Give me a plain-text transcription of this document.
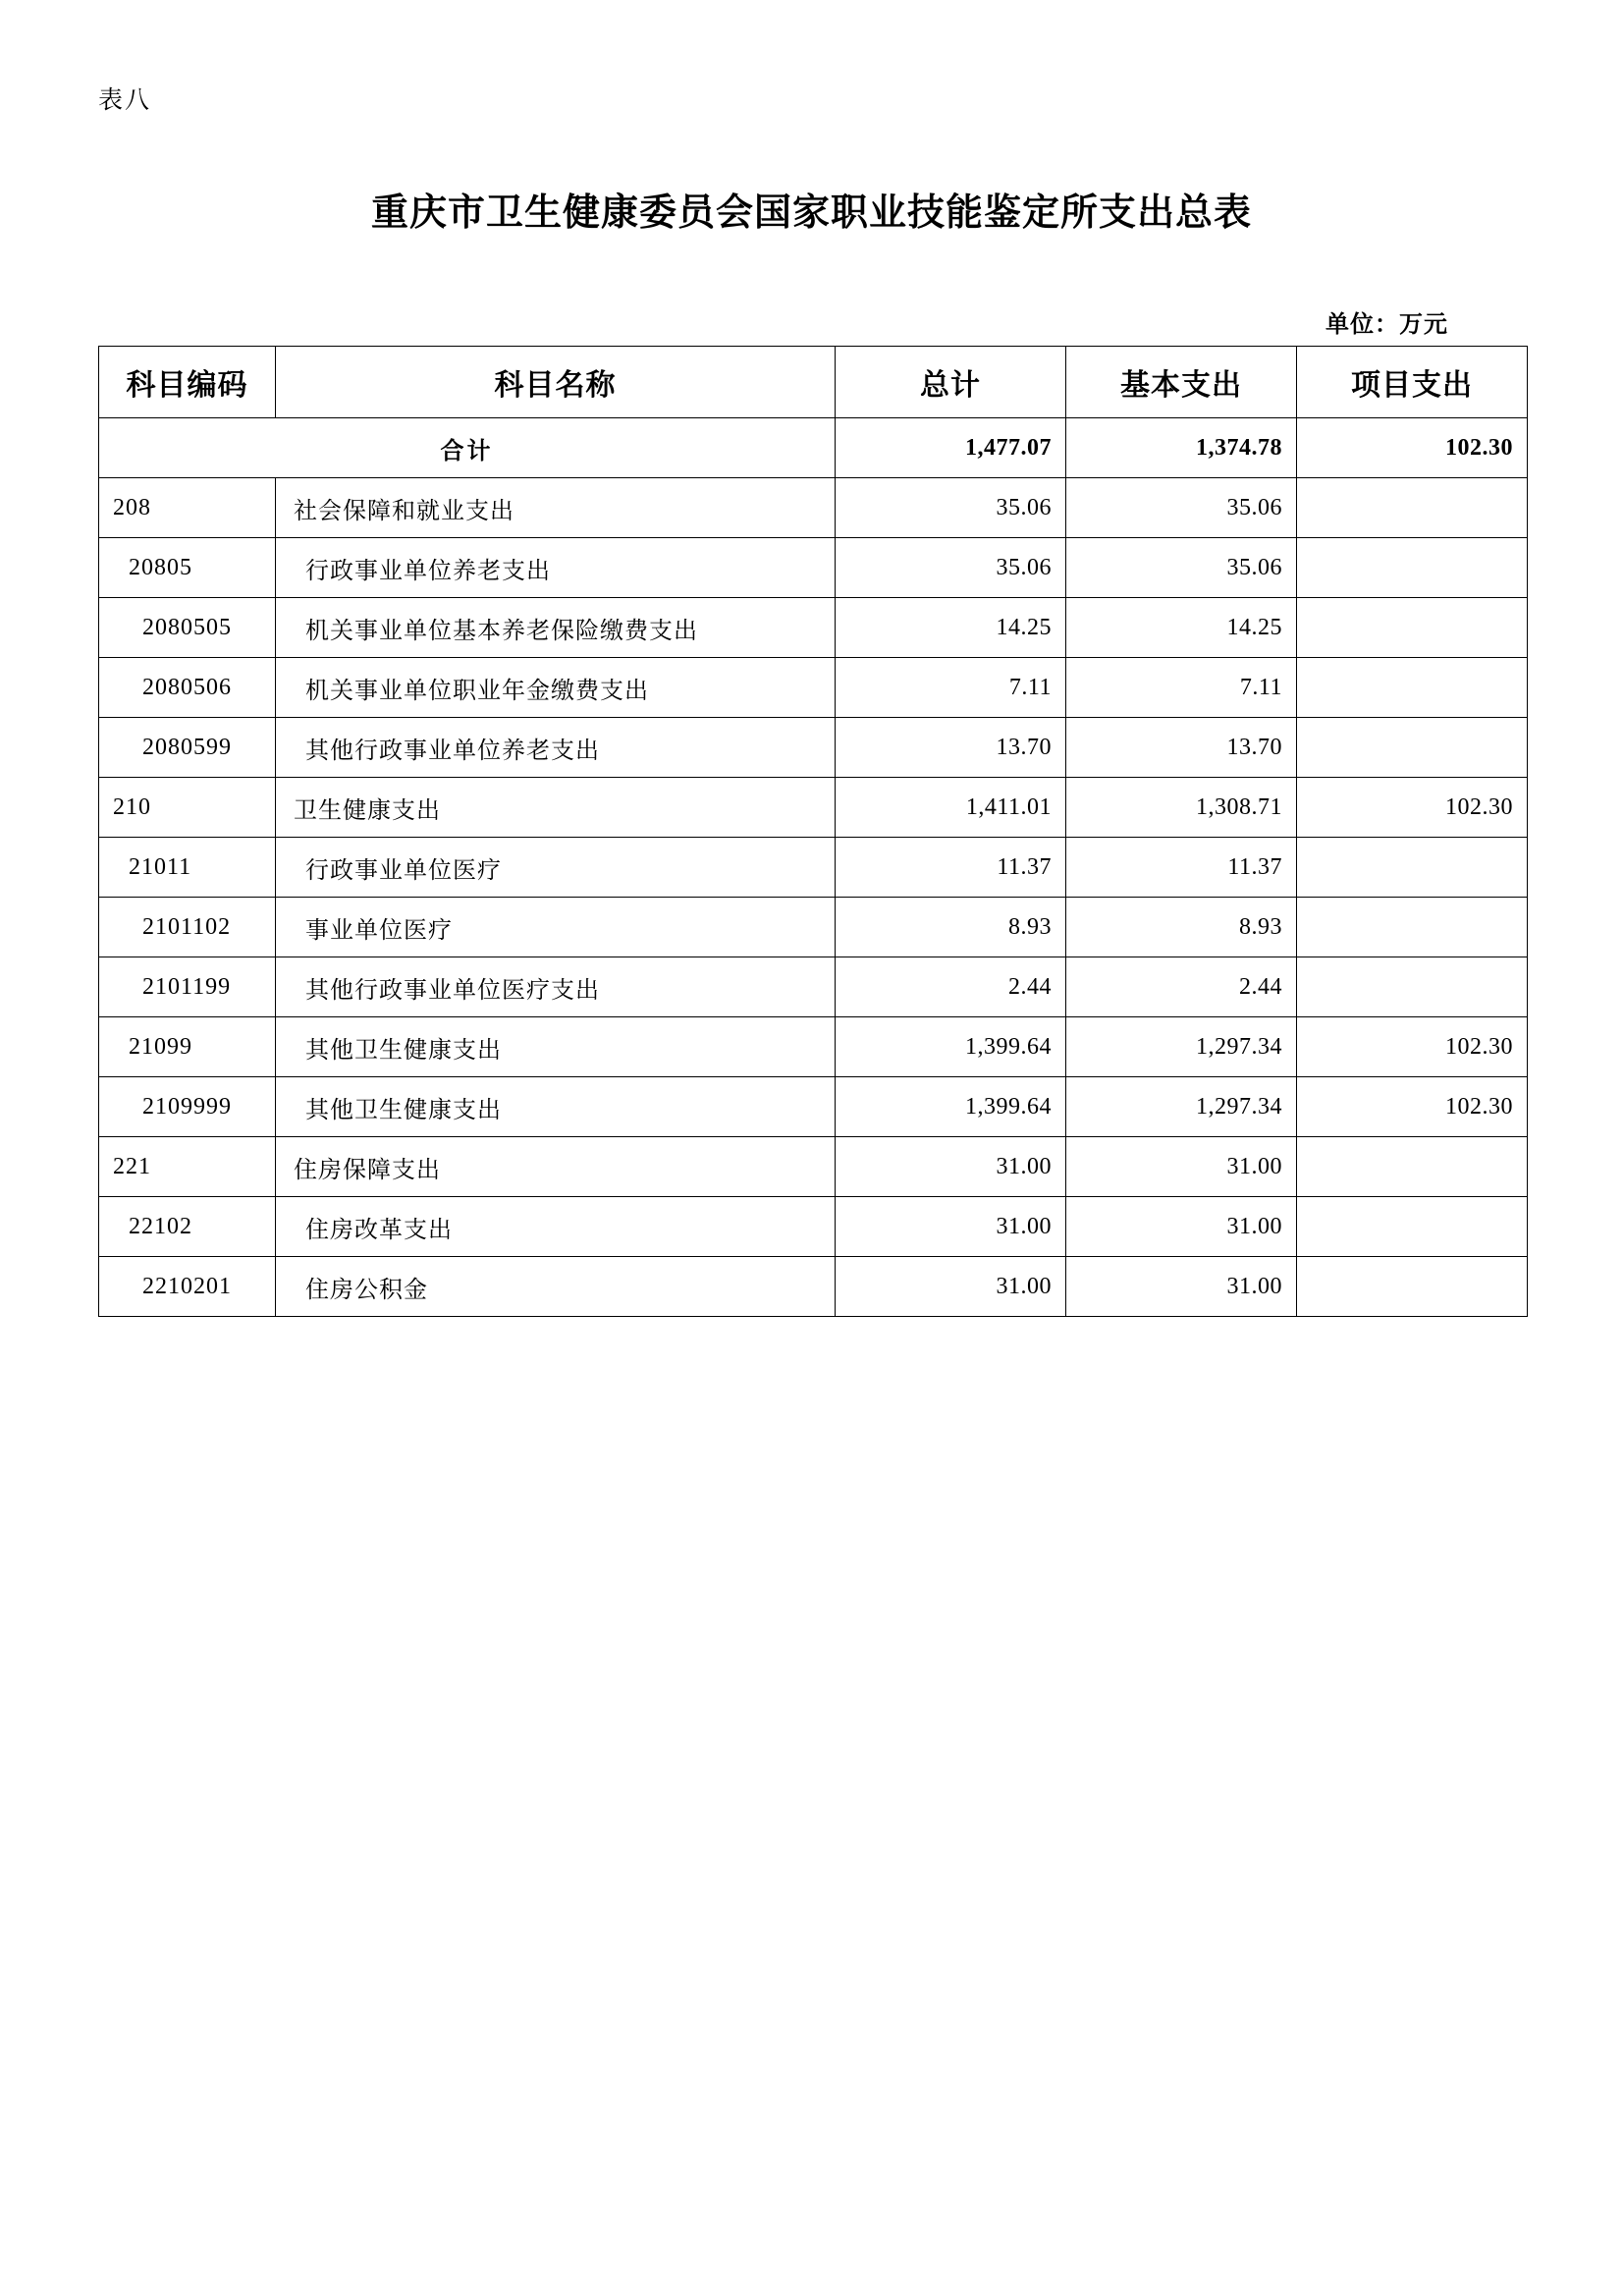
表八
重庆市卫生健康委员会国家职业技能鉴定所支出总表
单位：万元
科目编码	科目名称	总计	基本支出	项目支出
合计		1,477.07	1,374.78	102.30
208	社会保障和就业支出	35.06	35.06	
20805	行政事业单位养老支出	35.06	35.06	
2080505	机关事业单位基本养老保险缴费支出	14.25	14.25	
2080506	机关事业单位职业年金缴费支出	7.11	7.11	
2080599	其他行政事业单位养老支出	13.70	13.70	
210	卫生健康支出	1,411.01	1,308.71	102.30
21011	行政事业单位医疗	11.37	11.37	
2101102	事业单位医疗	8.93	8.93	
2101199	其他行政事业单位医疗支出	2.44	2.44	
21099	其他卫生健康支出	1,399.64	1,297.34	102.30
2109999	其他卫生健康支出	1,399.64	1,297.34	102.30
221	住房保障支出	31.00	31.00	
22102	住房改革支出	31.00	31.00	
2210201	住房公积金	31.00	31.00	
